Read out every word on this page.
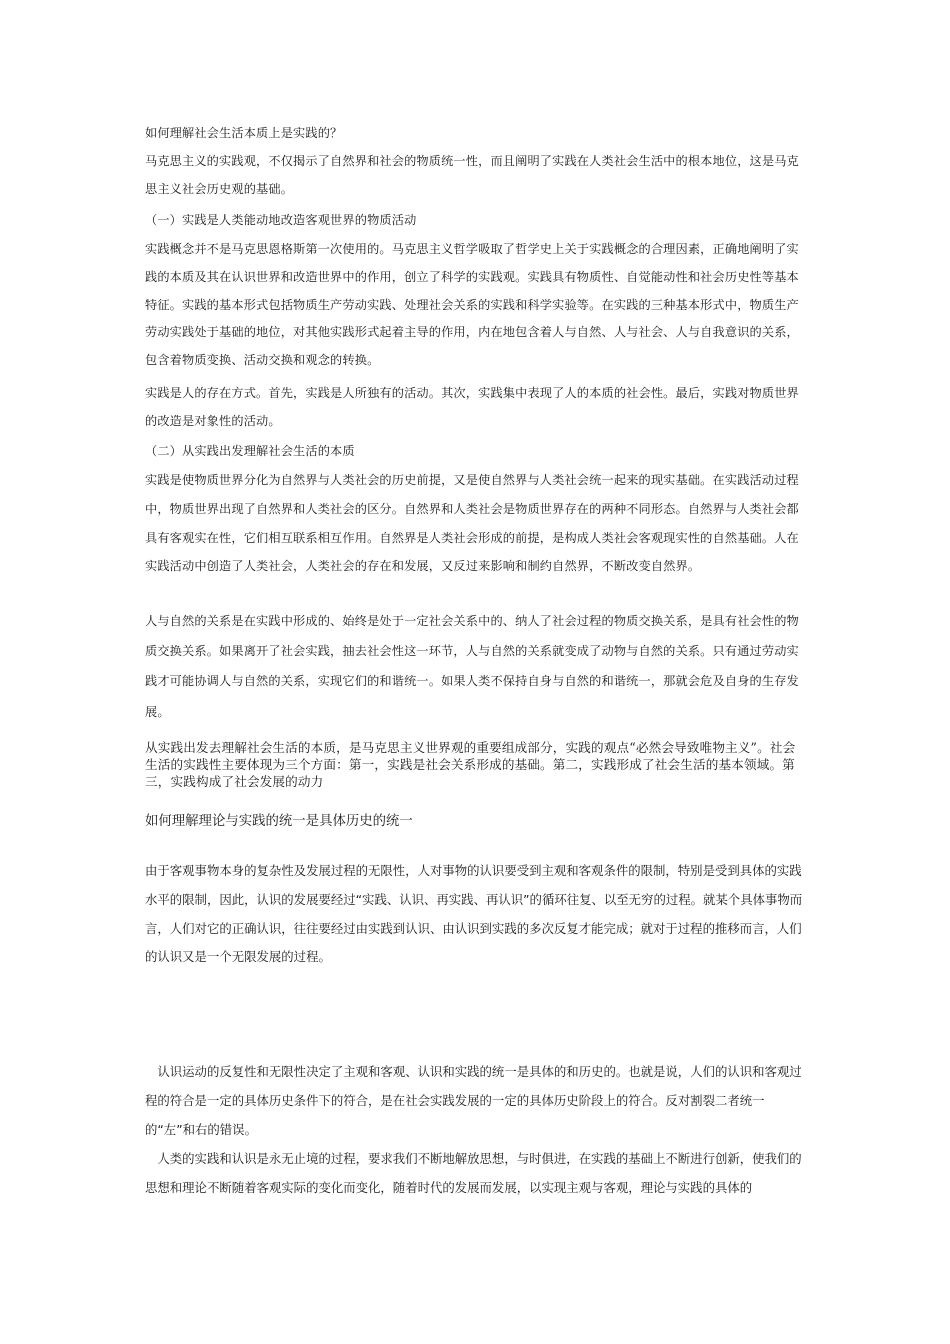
如何理解社会生活本质上是实践的？

马克思主义的实践观，不仅揭示了自然界和社会的物质统一性，而且阐明了实践在人类社会生活中的根本地位，这是马克思主义社会历史观的基础。

（一）实践是人类能动地改造客观世界的物质活动

实践概念并不是马克思恩格斯第一次使用的。马克思主义哲学吸取了哲学史上关于实践概念的合理因素，正确地阐明了实践的本质及其在认识世界和改造世界中的作用，创立了科学的实践观。实践具有物质性、自觉能动性和社会历史性等基本特征。实践的基本形式包括物质生产劳动实践、处理社会关系的实践和科学实验等。在实践的三种基本形式中，物质生产劳动实践处于基础的地位，对其他实践形式起着主导的作用，内在地包含着人与自然、人与社会、人与自我意识的关系，包含着物质变换、活动交换和观念的转换。

实践是人的存在方式。首先，实践是人所独有的活动。其次，实践集中表现了人的本质的社会性。最后，实践对物质世界的改造是对象性的活动。

（二）从实践出发理解社会生活的本质

实践是使物质世界分化为自然界与人类社会的历史前提，又是使自然界与人类社会统一起来的现实基础。在实践活动过程中，物质世界出现了自然界和人类社会的区分。自然界和人类社会是物质世界存在的两种不同形态。自然界与人类社会都具有客观实在性，它们相互联系相互作用。自然界是人类社会形成的前提，是构成人类社会客观现实性的自然基础。人在实践活动中创造了人类社会，人类社会的存在和发展，又反过来影响和制约自然界，不断改变自然界。

人与自然的关系是在实践中形成的、始终是处于一定社会关系中的、纳人了社会过程的物质交换关系，是具有社会性的物质交换关系。如果离开了社会实践，抽去社会性这一环节，人与自然的关系就变成了动物与自然的关系。只有通过劳动实践才可能协调人与自然的关系，实现它们的和谐统一。如果人类不保持自身与自然的和谐统一，那就会危及自身的生存发展。

从实践出发去理解社会生活的本质，是马克思主义世界观的重要组成部分，实践的观点“必然会导致唯物主义”。社会生活的实践性主要体现为三个方面：第一，实践是社会关系形成的基础。第二，实践形成了社会生活的基本领域。第三，实践构成了社会发展的动力

如何理解理论与实践的统一是具体历史的统一

由于客观事物本身的复杂性及发展过程的无限性，人对事物的认识要受到主观和客观条件的限制，特别是受到具体的实践水平的限制，因此，认识的发展要经过“实践、认识、再实践、再认识”的循环往复、以至无穷的过程。就某个具体事物而言，人们对它的正确认识，往往要经过由实践到认识、由认识到实践的多次反复才能完成；就对于过程的推移而言，人们的认识又是一个无限发展的过程。

　认识运动的反复性和无限性决定了主观和客观、认识和实践的统一是具体的和历史的。也就是说，人们的认识和客观过程的符合是一定的具体历史条件下的符合，是在社会实践发展的一定的具体历史阶段上的符合。反对割裂二者统一的“左”和右的错误。

　人类的实践和认识是永无止境的过程，要求我们不断地解放思想，与时俱进，在实践的基础上不断进行创新，使我们的思想和理论不断随着客观实际的变化而变化，随着时代的发展而发展，以实现主观与客观，理论与实践的具体的
